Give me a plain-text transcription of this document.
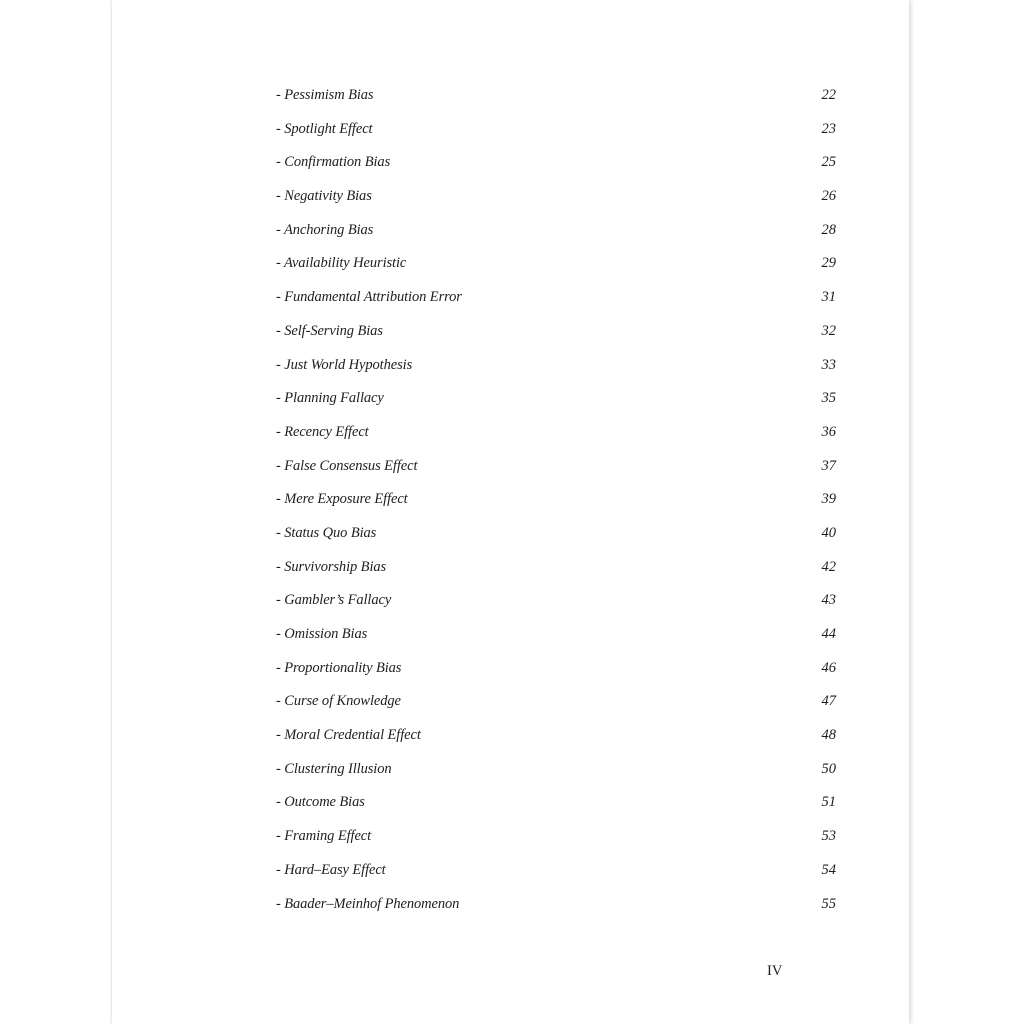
- Pessimism Bias	22
- Spotlight Effect	23
- Confirmation Bias	25
- Negativity Bias	26
- Anchoring Bias	28
- Availability Heuristic	29
- Fundamental Attribution Error	31
- Self-Serving Bias	32
- Just World Hypothesis	33
- Planning Fallacy	35
- Recency Effect	36
- False Consensus Effect	37
- Mere Exposure Effect	39
- Status Quo Bias	40
- Survivorship Bias	42
- Gambler’s Fallacy	43
- Omission Bias	44
- Proportionality Bias	46
- Curse of Knowledge	47
- Moral Credential Effect	48
- Clustering Illusion	50
- Outcome Bias	51
- Framing Effect	53
- Hard–Easy Effect	54
- Baader–Meinhof Phenomenon	55
IV
